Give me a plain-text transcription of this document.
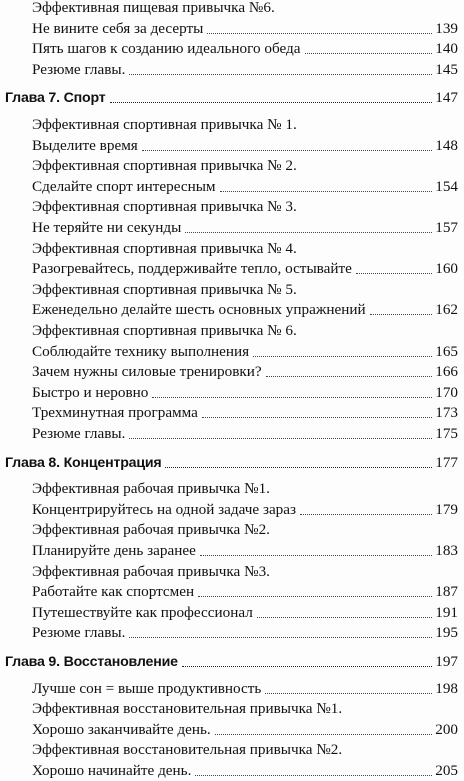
Эффективная пищевая привычка №6.
Не вините себя за десерты	139
Пять шагов к созданию идеального обеда	140
Резюме главы.	145
Глава 7. Спорт	147
Эффективная спортивная привычка № 1.
Выделите время	148
Эффективная спортивная привычка № 2.
Сделайте спорт интересным	154
Эффективная спортивная привычка № 3.
Не теряйте ни секунды	157
Эффективная спортивная привычка № 4.
Разогревайтесь, поддерживайте тепло, остывайте	160
Эффективная спортивная привычка № 5.
Еженедельно делайте шесть основных упражнений	162
Эффективная спортивная привычка № 6.
Соблюдайте технику выполнения	165
Зачем нужны силовые тренировки?	166
Быстро и неровно	170
Трехминутная программа	173
Резюме главы.	175
Глава 8. Концентрация	177
Эффективная рабочая привычка №1.
Концентрируйтесь на одной задаче зараз	179
Эффективная рабочая привычка №2.
Планируйте день заранее	183
Эффективная рабочая привычка №3.
Работайте как спортсмен	187
Путешествуйте как профессионал	191
Резюме главы.	195
Глава 9. Восстановление	197
Лучше сон = выше продуктивность	198
Эффективная восстановительная привычка №1.
Хорошо заканчивайте день.	200
Эффективная восстановительная привычка №2.
Хорошо начинайте день.	205
